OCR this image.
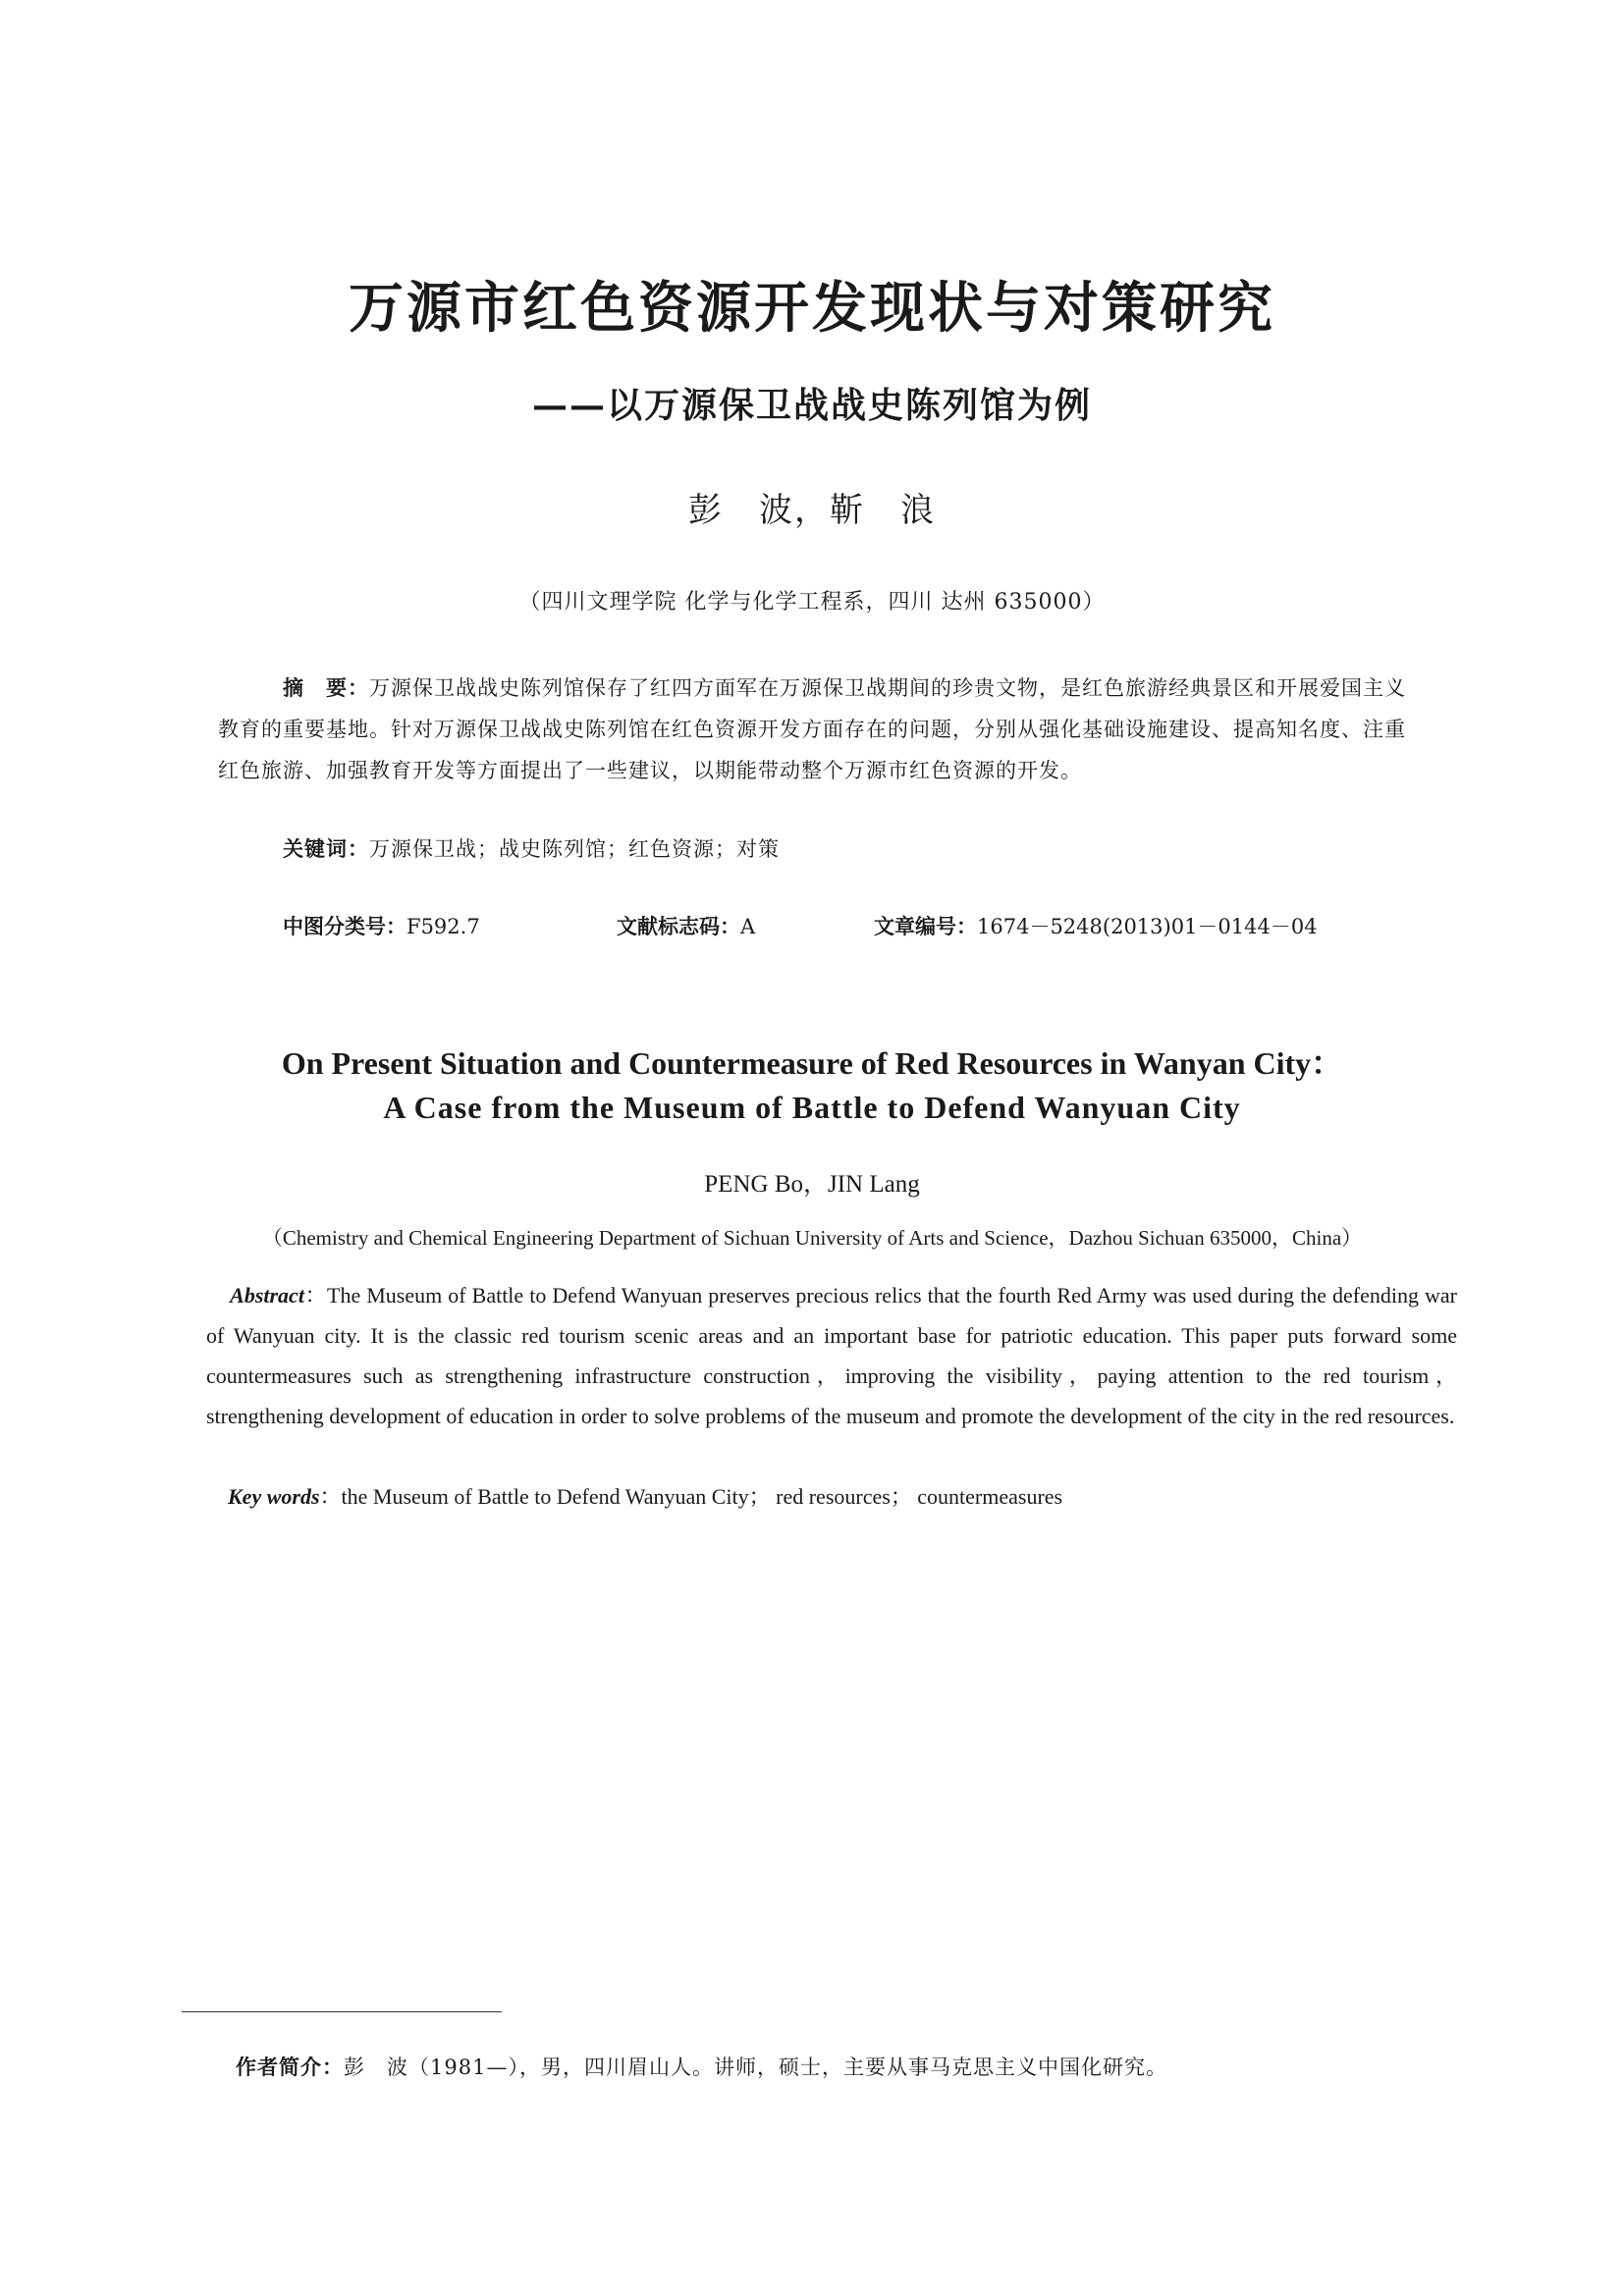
万源市红色资源开发现状与对策研究
——以万源保卫战战史陈列馆为例
彭　波，靳　浪
（四川文理学院 化学与化学工程系，四川 达州 635000）
摘　要：万源保卫战战史陈列馆保存了红四方面军在万源保卫战期间的珍贵文物，是红色旅游经典景区和开展爱国主义教育的重要基地。针对万源保卫战战史陈列馆在红色资源开发方面存在的问题，分别从强化基础设施建设、提高知名度、注重红色旅游、加强教育开发等方面提出了一些建议，以期能带动整个万源市红色资源的开发。
关键词：万源保卫战；战史陈列馆；红色资源；对策
中图分类号：F592.7	文献标志码：A	文章编号：1674－5248(2013)01－0144－04
On Present Situation and Countermeasure of Red Resources in Wanyan City：
A Case from the Museum of Battle to Defend Wanyuan City
PENG Bo，JIN Lang
（Chemistry and Chemical Engineering Department of Sichuan University of Arts and Science，Dazhou Sichuan 635000，China）
Abstract：The Museum of Battle to Defend Wanyuan preserves precious relics that the fourth Red Army was used during the defending war of Wanyuan city. It is the classic red tourism scenic areas and an important base for patriotic education. This paper puts forward some countermeasures such as strengthening infrastructure construction，improving the visibility，paying attention to the red tourism，strengthening development of education in order to solve problems of the museum and promote the development of the city in the red resources.
Key words：the Museum of Battle to Defend Wanyuan City； red resources； countermeasures
作者简介：彭　波（1981—），男，四川眉山人。讲师，硕士，主要从事马克思主义中国化研究。
